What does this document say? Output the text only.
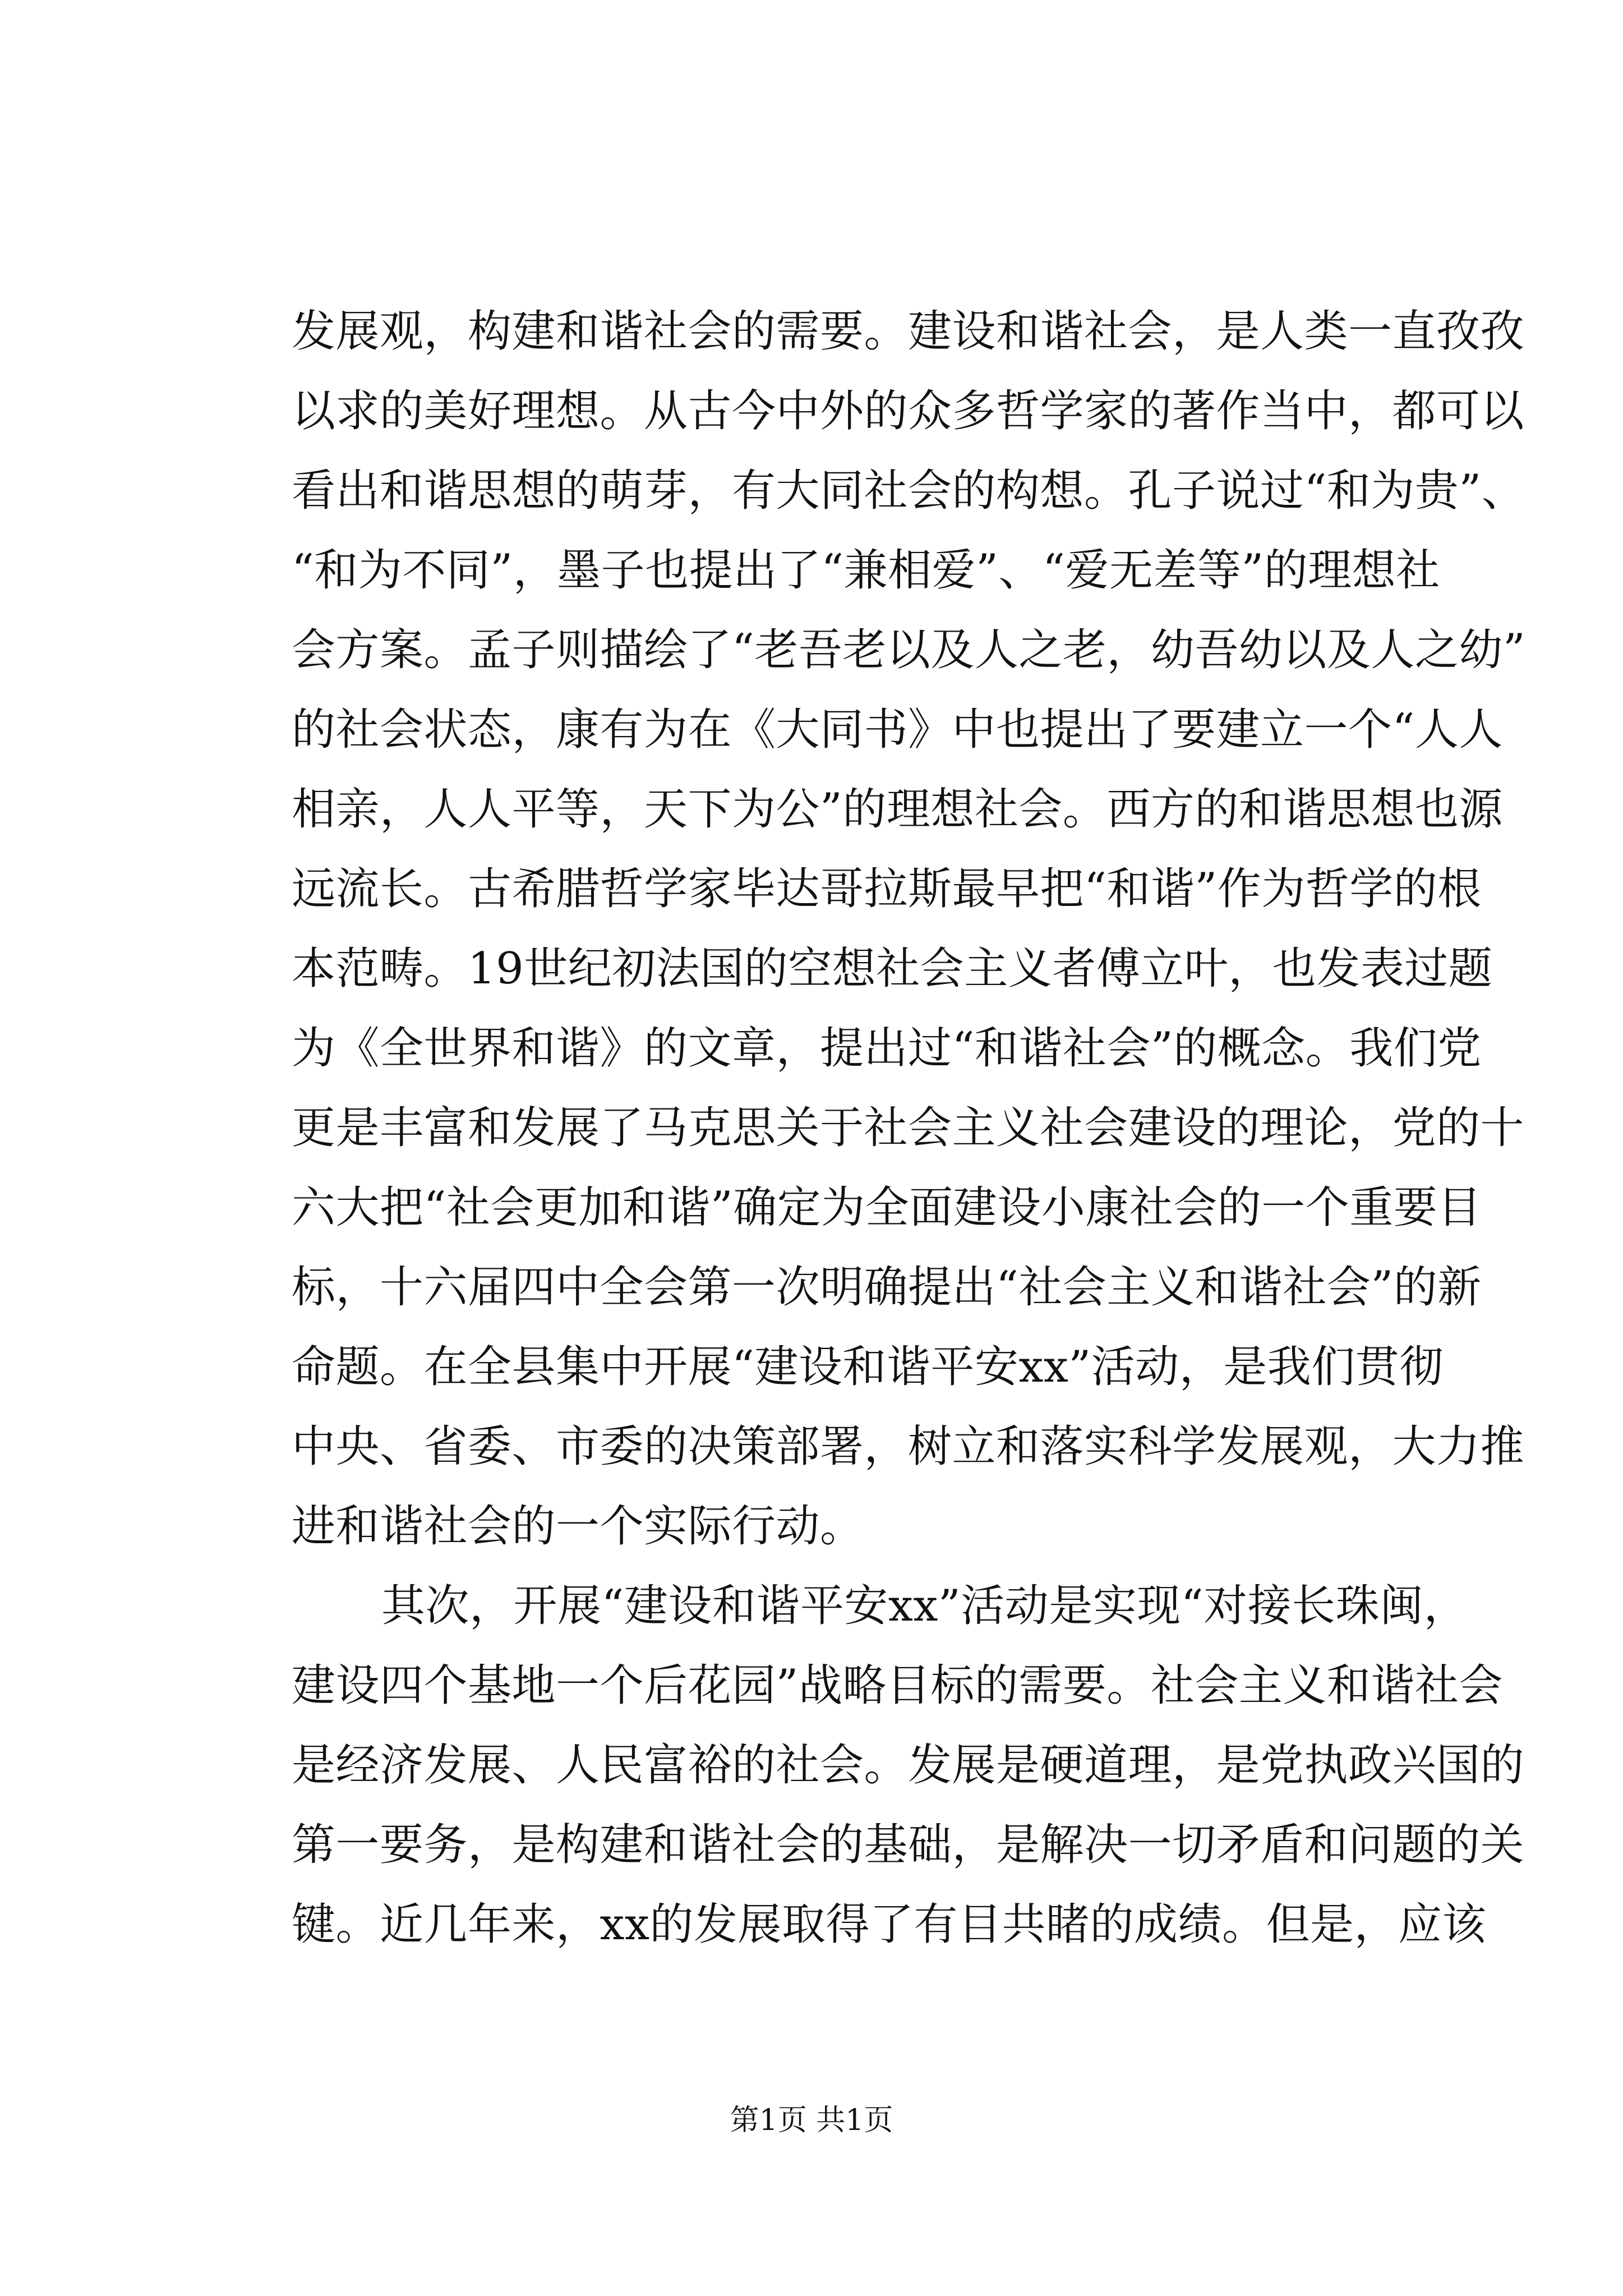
发展观，构建和谐社会的需要。建设和谐社会，是人类一直孜孜
以求的美好理想。从古今中外的众多哲学家的著作当中，都可以
看出和谐思想的萌芽，有大同社会的构想。孔子说过“和为贵”、
“和为不同”，墨子也提出了“兼相爱”、“爱无差等”的理想社
会方案。孟子则描绘了“老吾老以及人之老，幼吾幼以及人之幼”
的社会状态，康有为在《大同书》中也提出了要建立一个“人人
相亲，人人平等，天下为公”的理想社会。西方的和谐思想也源
远流长。古希腊哲学家毕达哥拉斯最早把“和谐”作为哲学的根
本范畴。19世纪初法国的空想社会主义者傅立叶，也发表过题
为《全世界和谐》的文章，提出过“和谐社会”的概念。我们党
更是丰富和发展了马克思关于社会主义社会建设的理论，党的十
六大把“社会更加和谐”确定为全面建设小康社会的一个重要目
标，十六届四中全会第一次明确提出“社会主义和谐社会”的新
命题。在全县集中开展“建设和谐平安xx”活动，是我们贯彻
中央、省委、市委的决策部署，树立和落实科学发展观，大力推
进和谐社会的一个实际行动。
其次，开展“建设和谐平安xx”活动是实现“对接长珠闽，
建设四个基地一个后花园”战略目标的需要。社会主义和谐社会
是经济发展、人民富裕的社会。发展是硬道理，是党执政兴国的
第一要务，是构建和谐社会的基础，是解决一切矛盾和问题的关
键。近几年来，xx的发展取得了有目共睹的成绩。但是，应该
第1页 共1页
